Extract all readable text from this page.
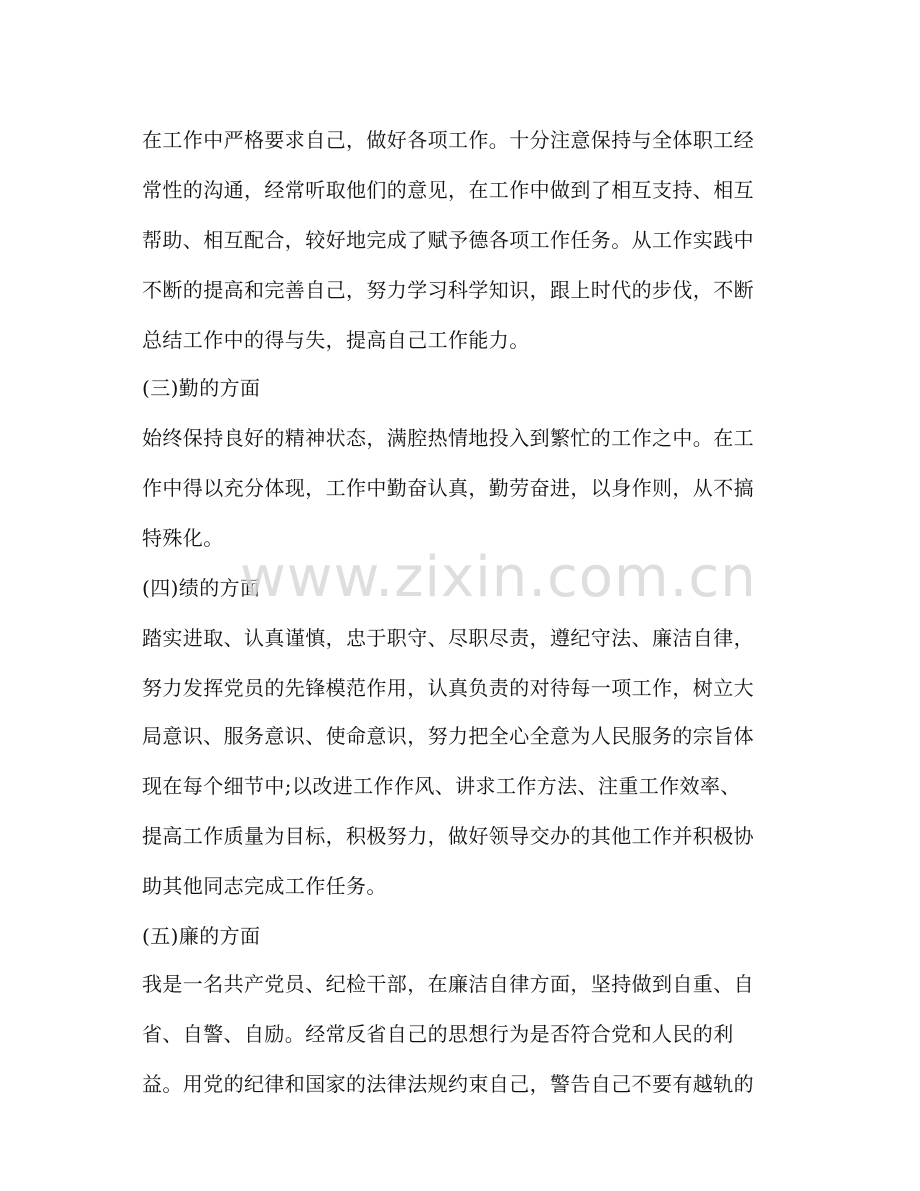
在工作中严格要求自己，做好各项工作。十分注意保持与全体职工经
常性的沟通，经常听取他们的意见，在工作中做到了相互支持、相互
帮助、相互配合，较好地完成了赋予德各项工作任务。从工作实践中
不断的提高和完善自己，努力学习科学知识，跟上时代的步伐，不断
总结工作中的得与失，提高自己工作能力。
(三)勤的方面
始终保持良好的精神状态，满腔热情地投入到繁忙的工作之中。在工
作中得以充分体现，工作中勤奋认真，勤劳奋进，以身作则，从不搞
特殊化。
(四)绩的方面
踏实进取、认真谨慎，忠于职守、尽职尽责，遵纪守法、廉洁自律，
努力发挥党员的先锋模范作用，认真负责的对待每一项工作，树立大
局意识、服务意识、使命意识，努力把全心全意为人民服务的宗旨体
现在每个细节中;以改进工作作风、讲求工作方法、注重工作效率、
提高工作质量为目标，积极努力，做好领导交办的其他工作并积极协
助其他同志完成工作任务。
(五)廉的方面
我是一名共产党员、纪检干部，在廉洁自律方面，坚持做到自重、自
省、自警、自励。经常反省自己的思想行为是否符合党和人民的利
益。用党的纪律和国家的法律法规约束自己，警告自己不要有越轨的
www.zixin.com.cn
